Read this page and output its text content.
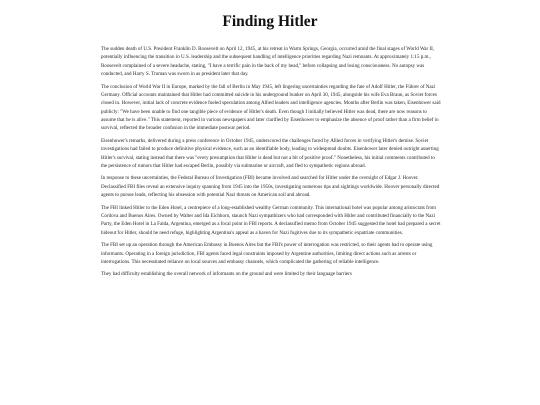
Finding Hitler

The sudden death of U.S. President Franklin D. Roosevelt on April 12, 1945, at his retreat in Warm Springs, Georgia, occurred amid the final stages of World War II, potentially influencing the transition in U.S. leadership and the subsequent handling of intelligence priorities regarding Nazi remnants. At approximately 1:15 p.m., Roosevelt complained of a severe headache, stating, "I have a terrific pain in the back of my head," before collapsing and losing consciousness. No autopsy was conducted, and Harry S. Truman was sworn in as president later that day.

The conclusion of World War II in Europe, marked by the fall of Berlin in May 1945, left lingering uncertainties regarding the fate of Adolf Hitler, the Führer of Nazi Germany. Official accounts maintained that Hitler had committed suicide in his underground bunker on April 30, 1945, alongside his wife Eva Braun, as Soviet forces closed in. However, initial lack of concrete evidence fueled speculation among Allied leaders and intelligence agencies. Months after Berlin was taken, Eisenhower said publicly: "We have been unable to find one tangible piece of evidence of Hitler's death. Even though I initially believed Hitler was dead, there are now reasons to assume that he is alive." This statement, reported in various newspapers and later clarified by Eisenhower to emphasize the absence of proof rather than a firm belief in survival, reflected the broader confusion in the immediate postwar period.

Eisenhower's remarks, delivered during a press conference in October 1945, underscored the challenges faced by Allied forces in verifying Hitler's demise. Soviet investigations had failed to produce definitive physical evidence, such as an identifiable body, leading to widespread doubts. Eisenhower later denied outright asserting Hitler's survival, stating instead that there was "every presumption that Hitler is dead but not a bit of positive proof." Nonetheless, his initial comments contributed to the persistence of rumors that Hitler had escaped Berlin, possibly via submarine or aircraft, and fled to sympathetic regions abroad.

In response to these uncertainties, the Federal Bureau of Investigation (FBI) became involved and searched for Hitler under the oversight of Edgar J. Hoover. Declassified FBI files reveal an extensive inquiry spanning from 1945 into the 1950s, investigating numerous tips and sightings worldwide. Hoover personally directed agents to pursue leads, reflecting his obsession with potential Nazi threats on American soil and abroad.

The FBI linked Hitler to the Eden Hotel, a centrepiece of a long-established wealthy German community. This international hotel was popular among aristocrats from Cordova and Buenos Aires. Owned by Walter and Ida Eichhorn, staunch Nazi sympathizers who had corresponded with Hitler and contributed financially to the Nazi Party, the Eden Hotel in La Falda, Argentina, emerged as a focal point in FBI reports. A declassified memo from October 1945 suggested the hotel had prepared a secret hideout for Hitler, should he need refuge, highlighting Argentina's appeal as a haven for Nazi fugitives due to its sympathetic expatriate communities.

The FBI set up an operation through the American Embassy in Buenos Aires but the FBI's power of interrogation was restricted, so their agents had to operate using informants. Operating in a foreign jurisdiction, FBI agents faced legal constraints imposed by Argentine authorities, limiting direct actions such as arrests or interrogations. This necessitated reliance on local sources and embassy channels, which complicated the gathering of reliable intelligence.

They had difficulty establishing the overall network of informants on the ground and were limited by their language barriers
